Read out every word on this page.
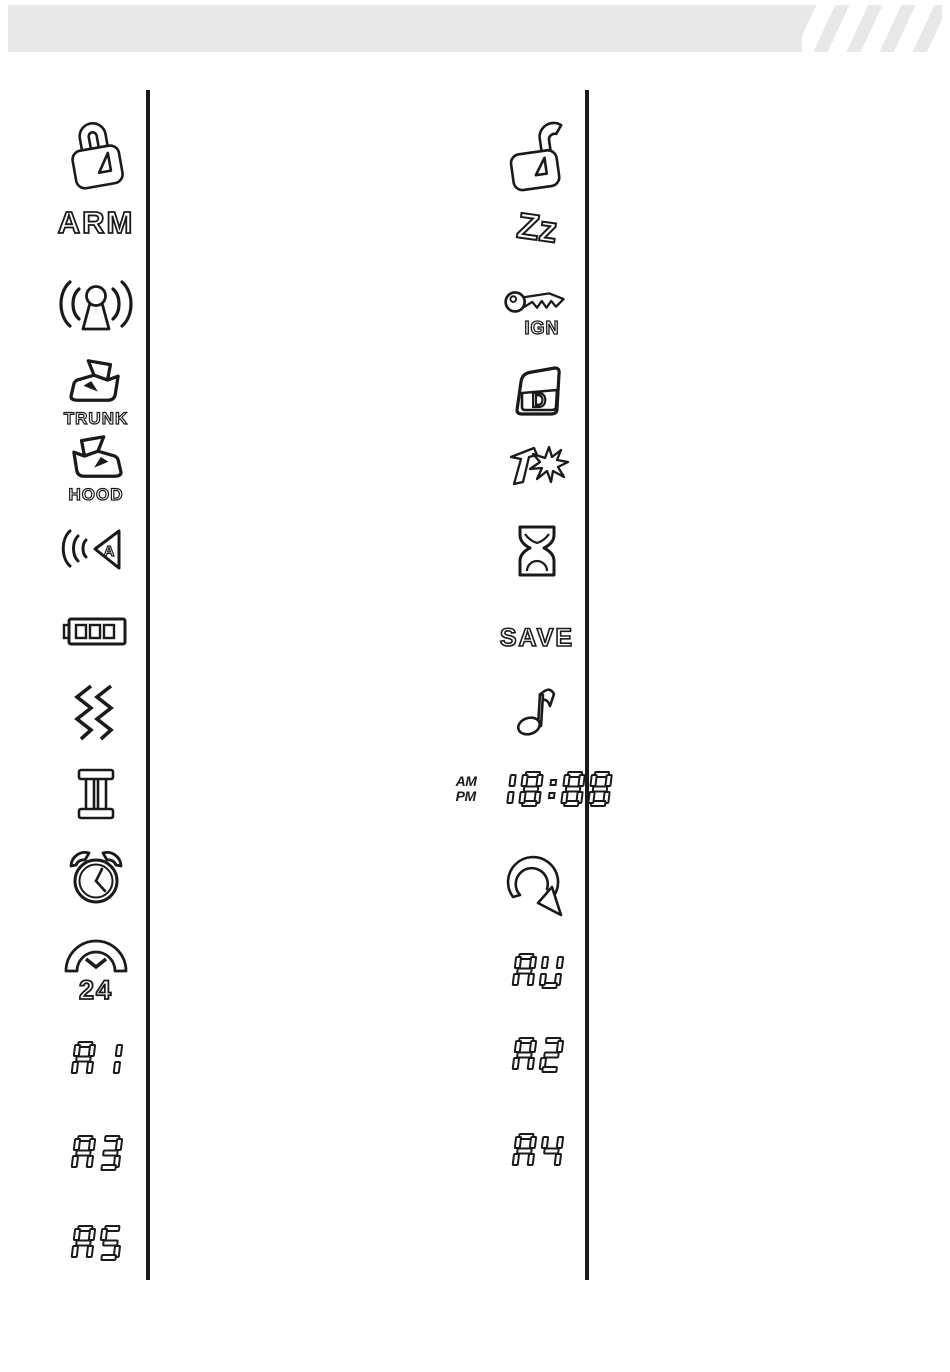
ARM
TRUNK
HOOD
A
24
Zz
IGN
D
SAVE
AM
PM
